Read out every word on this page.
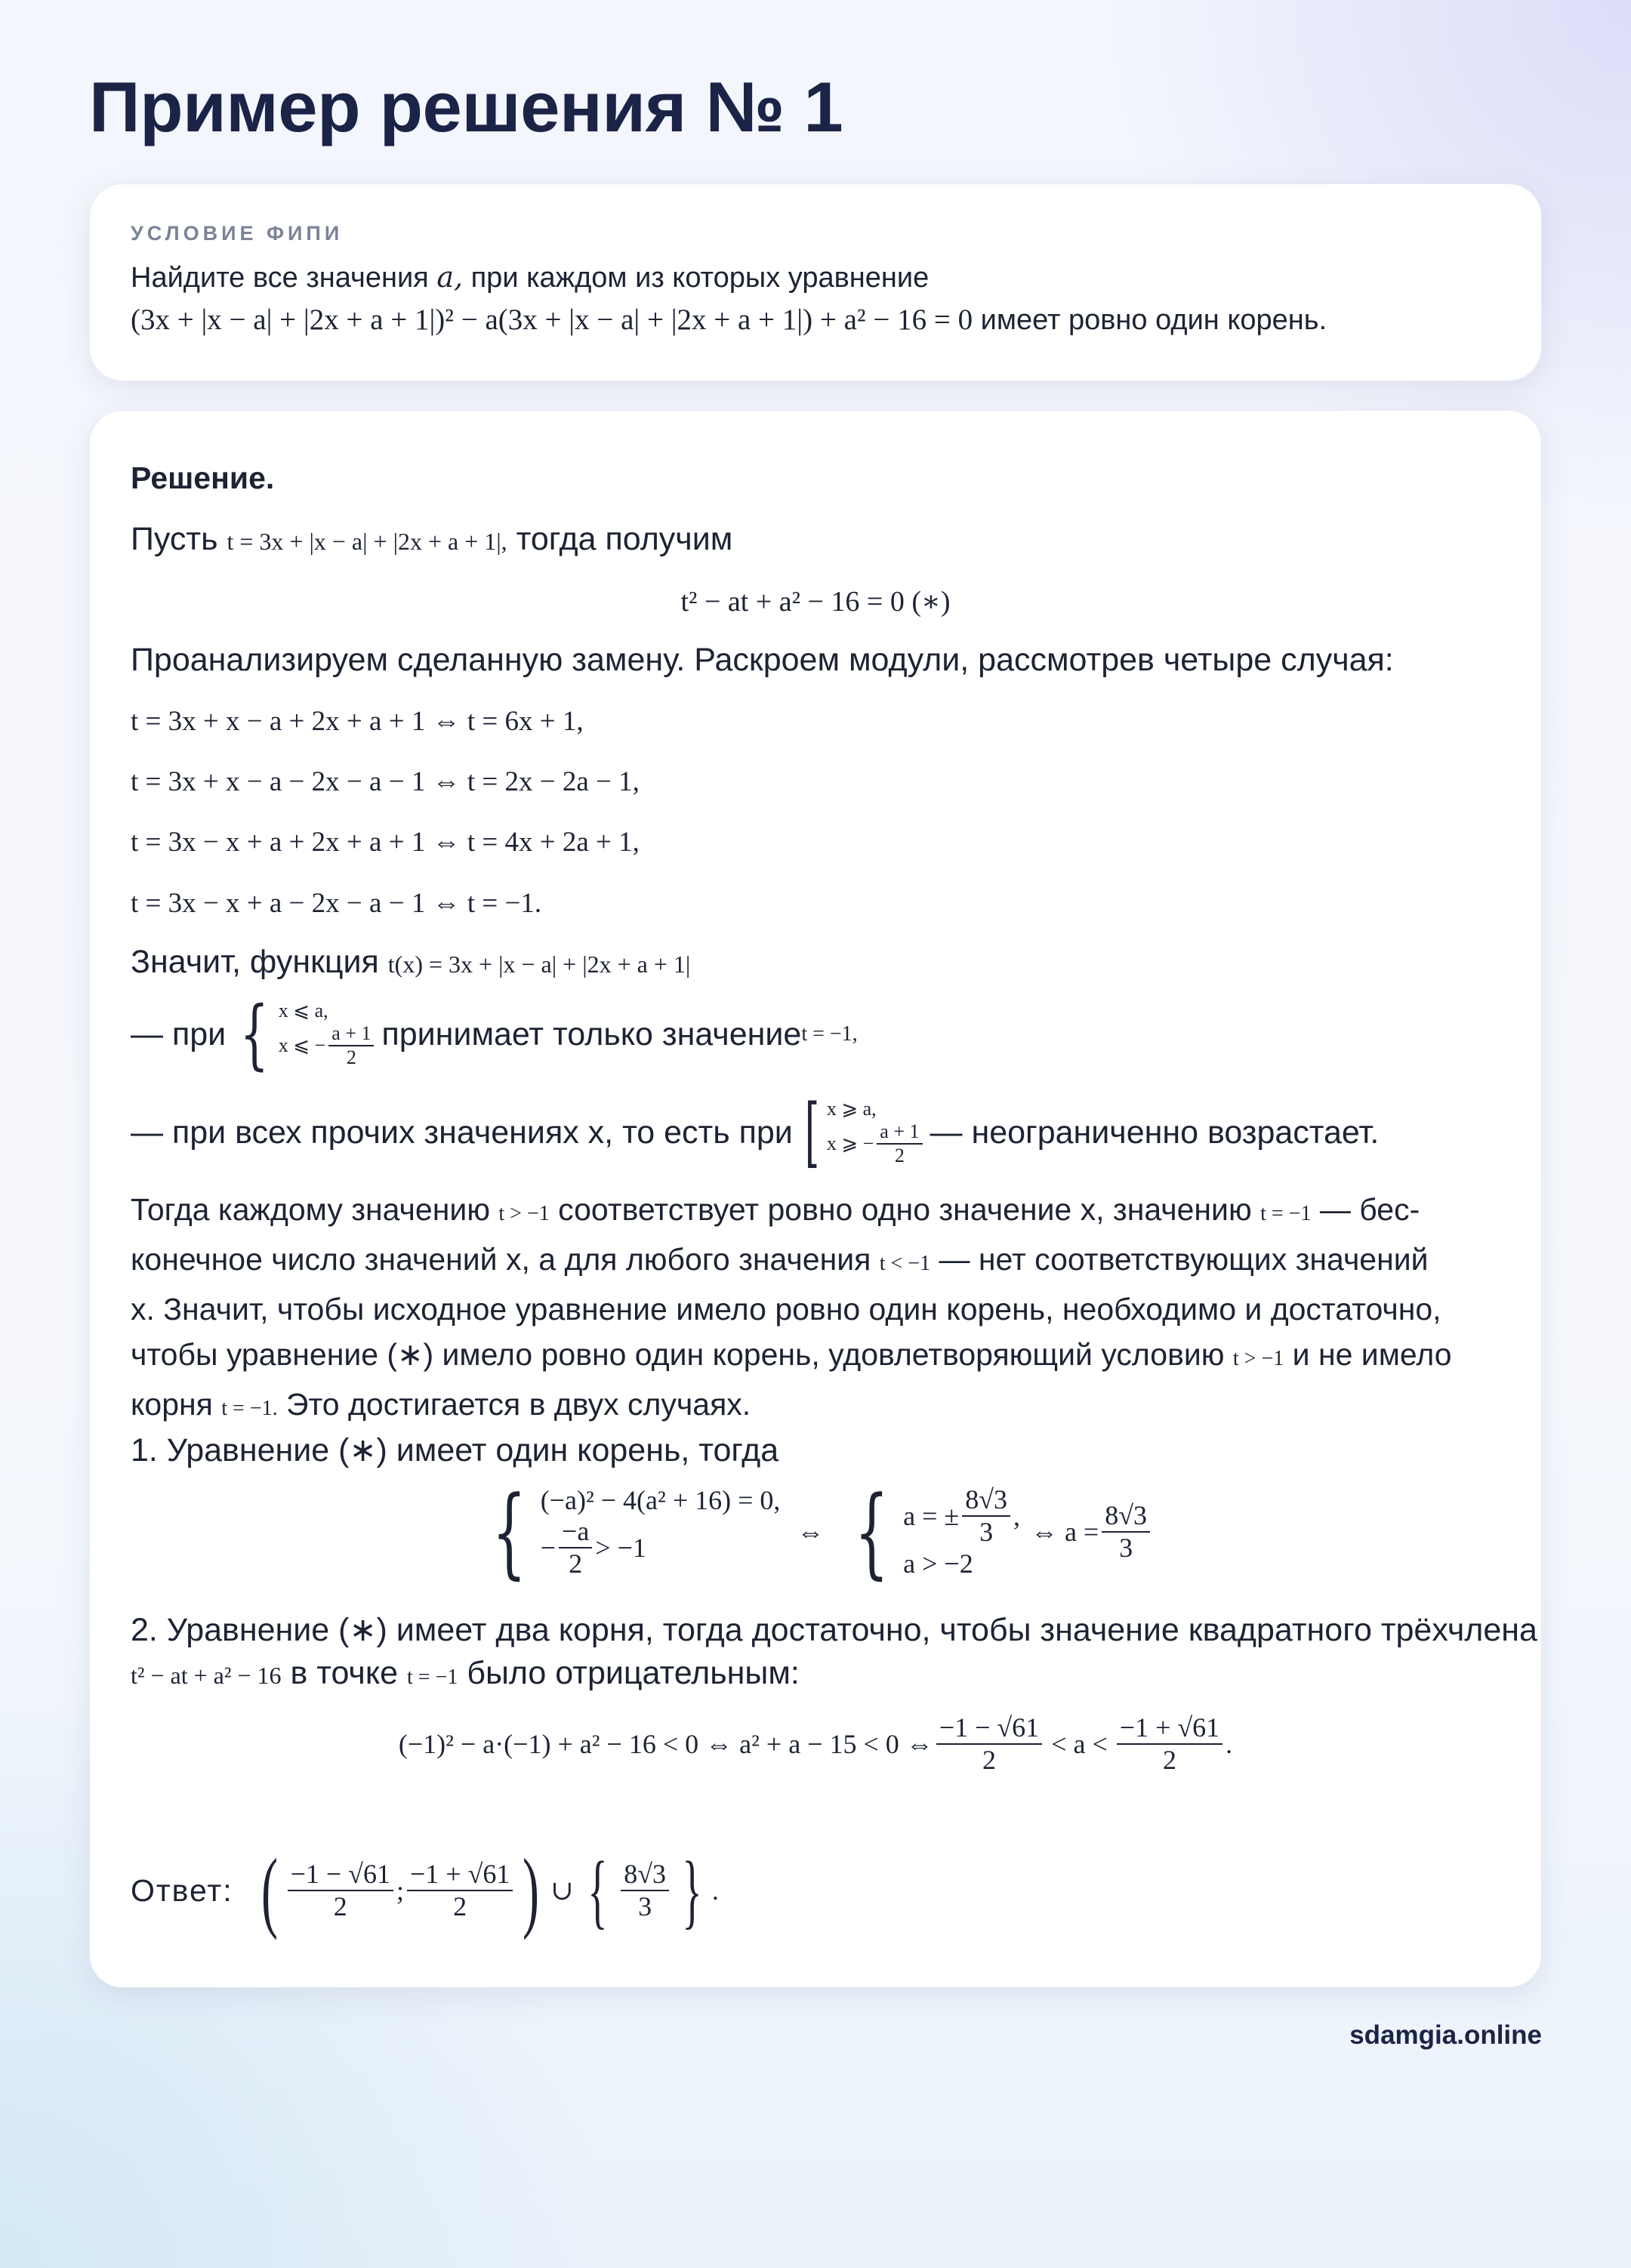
Пример решения № 1
УСЛОВИЕ ФИПИ
Найдите все значения a, при каждом из которых уравнение
(3x + |x − a| + |2x + a + 1|)² − a(3x + |x − a| + |2x + a + 1|) + a² − 16 = 0 имеет ровно один корень.
Решение.
Пусть t = 3x + |x − a| + |2x + a + 1|, тогда получим
t² − at + a² − 16 = 0 (∗)
Проанализируем сделанную замену. Раскроем модули, рассмотрев четыре случая:
t = 3x + x − a + 2x + a + 1 ⇔ t = 6x + 1,
t = 3x + x − a − 2x − a − 1 ⇔ t = 2x − 2a − 1,
t = 3x − x + a + 2x + a + 1 ⇔ t = 4x + 2a + 1,
t = 3x − x + a − 2x − a − 1 ⇔ t = −1.
Значит, функция t(x) = 3x + |x − a| + |2x + a + 1|
— при { x ⩽ a,
x ⩽ − $\frac{a + 1}{2}$ принимает только значение t = −1,
— при всех прочих значениях x, то есть при [ x ⩾ a,
x ⩾ − $\frac{a + 1}{2}$ — неограниченно возрастает.
Тогда каждому значению t > −1 соответствует ровно одно значение x, значению t = −1 — бес-
конечное число значений x, а для любого значения t < −1 — нет соответствующих значений
x. Значит, чтобы исходное уравнение имело ровно один корень, необходимо и достаточно,
чтобы уравнение (∗) имело ровно один корень, удовлетворяющий условию t > −1 и не имело
корня t = −1. Это достигается в двух случаях.
1. Уравнение (∗) имеет один корень, тогда
{ (−a)² − 4(a² + 16) = 0,
− $\frac{-a}{2} > -1$
⇔ { a = ± $\frac{8√3}{3}$ ,
a > −2
⇔ $a = \frac{8√3}{3}$
2. Уравнение (∗) имеет два корня, тогда достаточно, чтобы значение квадратного трёхчлена
t² − at + a² − 16 в точке t = −1 было отрицательным:
(−1)² − a·(−1) + a² − 16 < 0 ⇔ a² + a − 15 < 0 ⇔ $\frac{-1 - √61}{2} < a < \frac{-1 + √61}{2}$ .
Ответ: ( $\frac{-1 - √61}{2}$ ; $\frac{-1 + √61}{2}$ ) ∪ { $\frac{8√3}{3}$ } .
sdamgia.online
